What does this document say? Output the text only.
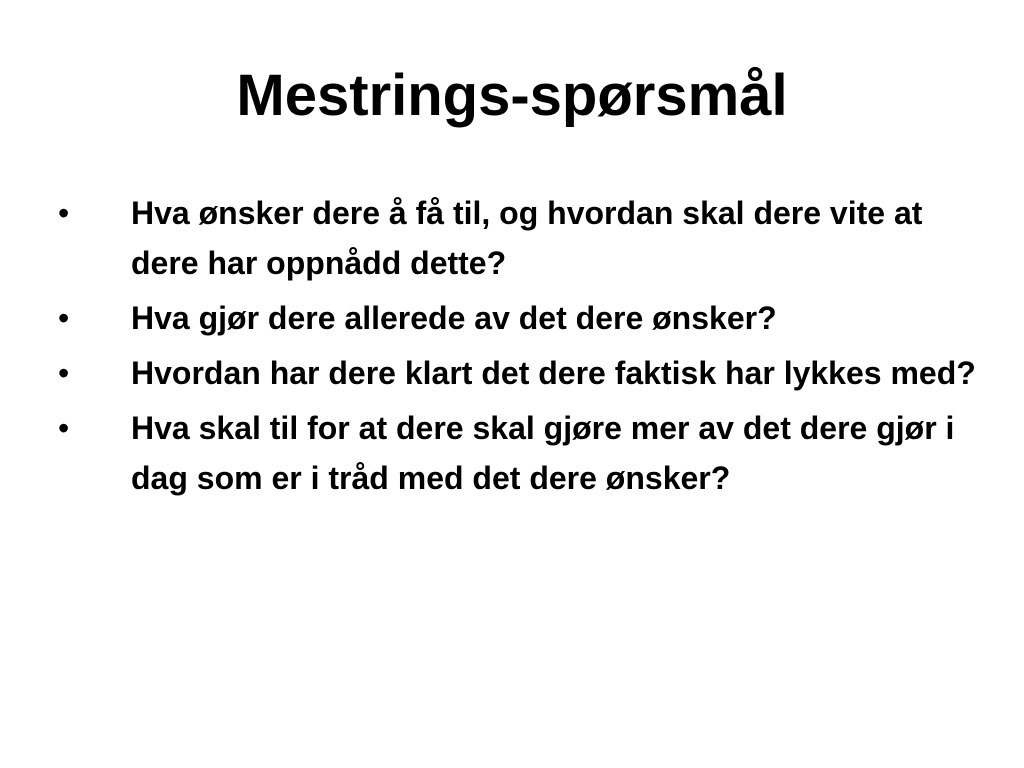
Mestrings-spørsmål
•	Hva ønsker dere å få til, og hvordan skal dere vite at dere har oppnådd dette?
•	Hva gjør dere allerede av det dere ønsker?
•	Hvordan har dere klart det dere faktisk har lykkes med?
•	Hva skal til for at dere skal gjøre mer av det dere gjør i dag som er i tråd med det dere ønsker?
